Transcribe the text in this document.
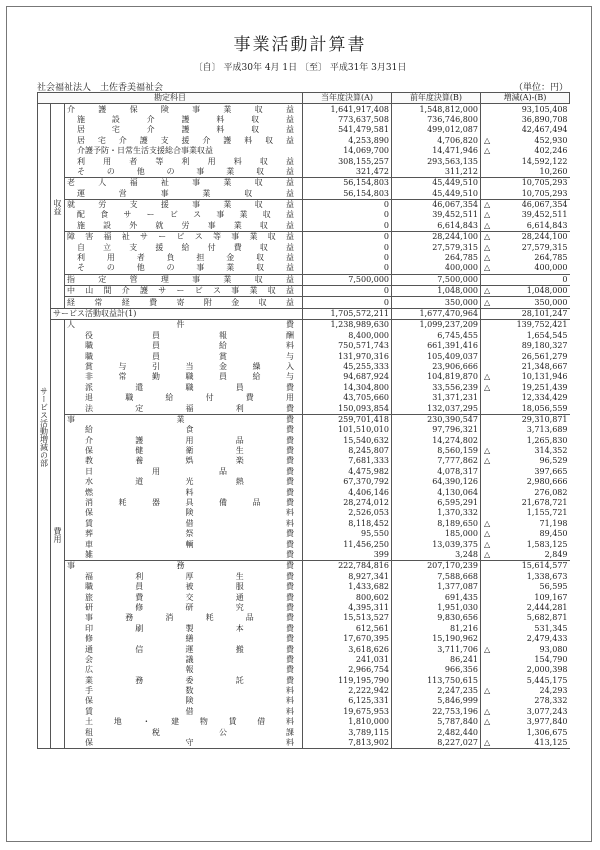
事業活動計算書
〔自〕 平成30年 4月 1日 〔至〕 平成31年 3月31日
社会福祉法人　土佐香美福祉会	（単位：円）
勘定科目			当年度決算(A)	前年度決算(B)	増減(A)-(B)
サービス活動増減の部	収益	介護保険事業収益	1,641,917,408	1,548,812,000	93,105,408

		施設介護料収益	773,637,508	736,746,800	36,890,708

		居宅介護料収益	541,479,581	499,012,087	42,467,494

		居宅介護支援介護料収益	4,253,890	4,706,820	△ 452,930

		介護予防・日常生活支援総合事業収益	14,069,700	14,471,946	△ 402,246

		利用者等利用料収益	308,155,257	293,563,135	14,592,122

		その他の事業収益	321,472	311,212	10,260

		老人福祉事業収益	56,154,803	45,449,510	10,705,293

		運営事業収益	56,154,803	45,449,510	10,705,293

		就労支援事業収益	0	46,067,354	△ 46,067,354

		配食サービス事業収益	0	39,452,511	△ 39,452,511

		施設外就労事業収益	0	6,614,843	△ 6,614,843

		障害福祉サービス等事業収益	0	28,244,100	△ 28,244,100

		自立支援給付費収益	0	27,579,315	△ 27,579,315

		利用者負担金収益	0	264,785	△ 264,785

		その他の事業収益	0	400,000	△ 400,000

		指定管理事業収益	7,500,000	7,500,000	0

		中山間介護サービス事業収益	0	1,048,000	△ 1,048,000

		経常経費寄附金収益	0	350,000	△ 350,000
	サービス活動収益計(1)		1,705,572,211	1,677,470,964	28,101,247
	費用	人件費	1,238,989,630	1,099,237,209	139,752,421

		役員報酬	8,400,000	6,745,455	1,654,545

		職員給料	750,571,743	661,391,416	89,180,327

		職員賞与	131,970,316	105,409,037	26,561,279

		賞与引当金繰入	45,255,333	23,906,666	21,348,667

		非常勤職員給与	94,687,924	104,819,870	△ 10,131,946

		派遣職員費	14,304,800	33,556,239	△ 19,251,439

		退職給付費用	43,705,660	31,371,231	12,334,429

		法定福利費	150,093,854	132,037,295	18,056,559

		事業費	259,701,418	230,390,547	29,310,871

		給食費	101,510,010	97,796,321	3,713,689

		介護用品費	15,540,632	14,274,802	1,265,830

		保健衛生費	8,245,807	8,560,159	△ 314,352

		教養娯楽費	7,681,333	7,777,862	△ 96,529

		日用品費	4,475,982	4,078,317	397,665

		水道光熱費	67,370,792	64,390,126	2,980,666

		燃料費	4,406,146	4,130,064	276,082

		消耗器具備品費	28,274,012	6,595,291	21,678,721

		保険料	2,526,053	1,370,332	1,155,721

		賃借料	8,118,452	8,189,650	△ 71,198

		葬祭費	95,550	185,000	△ 89,450

		車輌費	11,456,250	13,039,375	△ 1,583,125

		雑費	399	3,248	△ 2,849

		事務費	222,784,816	207,170,239	15,614,577

		福利厚生費	8,927,341	7,588,668	1,338,673

		職員被服費	1,433,682	1,377,087	56,595

		旅費交通費	800,602	691,435	109,167

		研修研究費	4,395,311	1,951,030	2,444,281

		事務消耗品費	15,513,527	9,830,656	5,682,871

		印刷製本費	612,561	81,216	531,345

		修繕費	17,670,395	15,190,962	2,479,433

		通信運搬費	3,618,626	3,711,706	△ 93,080

		会議費	241,031	86,241	154,790

		広報費	2,966,754	966,356	2,000,398

		業務委託費	119,195,790	113,750,615	5,445,175

		手数料	2,222,942	2,247,235	△ 24,293

		保険料	6,125,331	5,846,999	278,332

		賃借料	19,675,953	22,753,196	△ 3,077,243

		土地・建物賃借料	1,810,000	5,787,840	△ 3,977,840

		租税公課	3,789,115	2,482,440	1,306,675

		保守料	7,813,902	8,227,027	△ 413,125
